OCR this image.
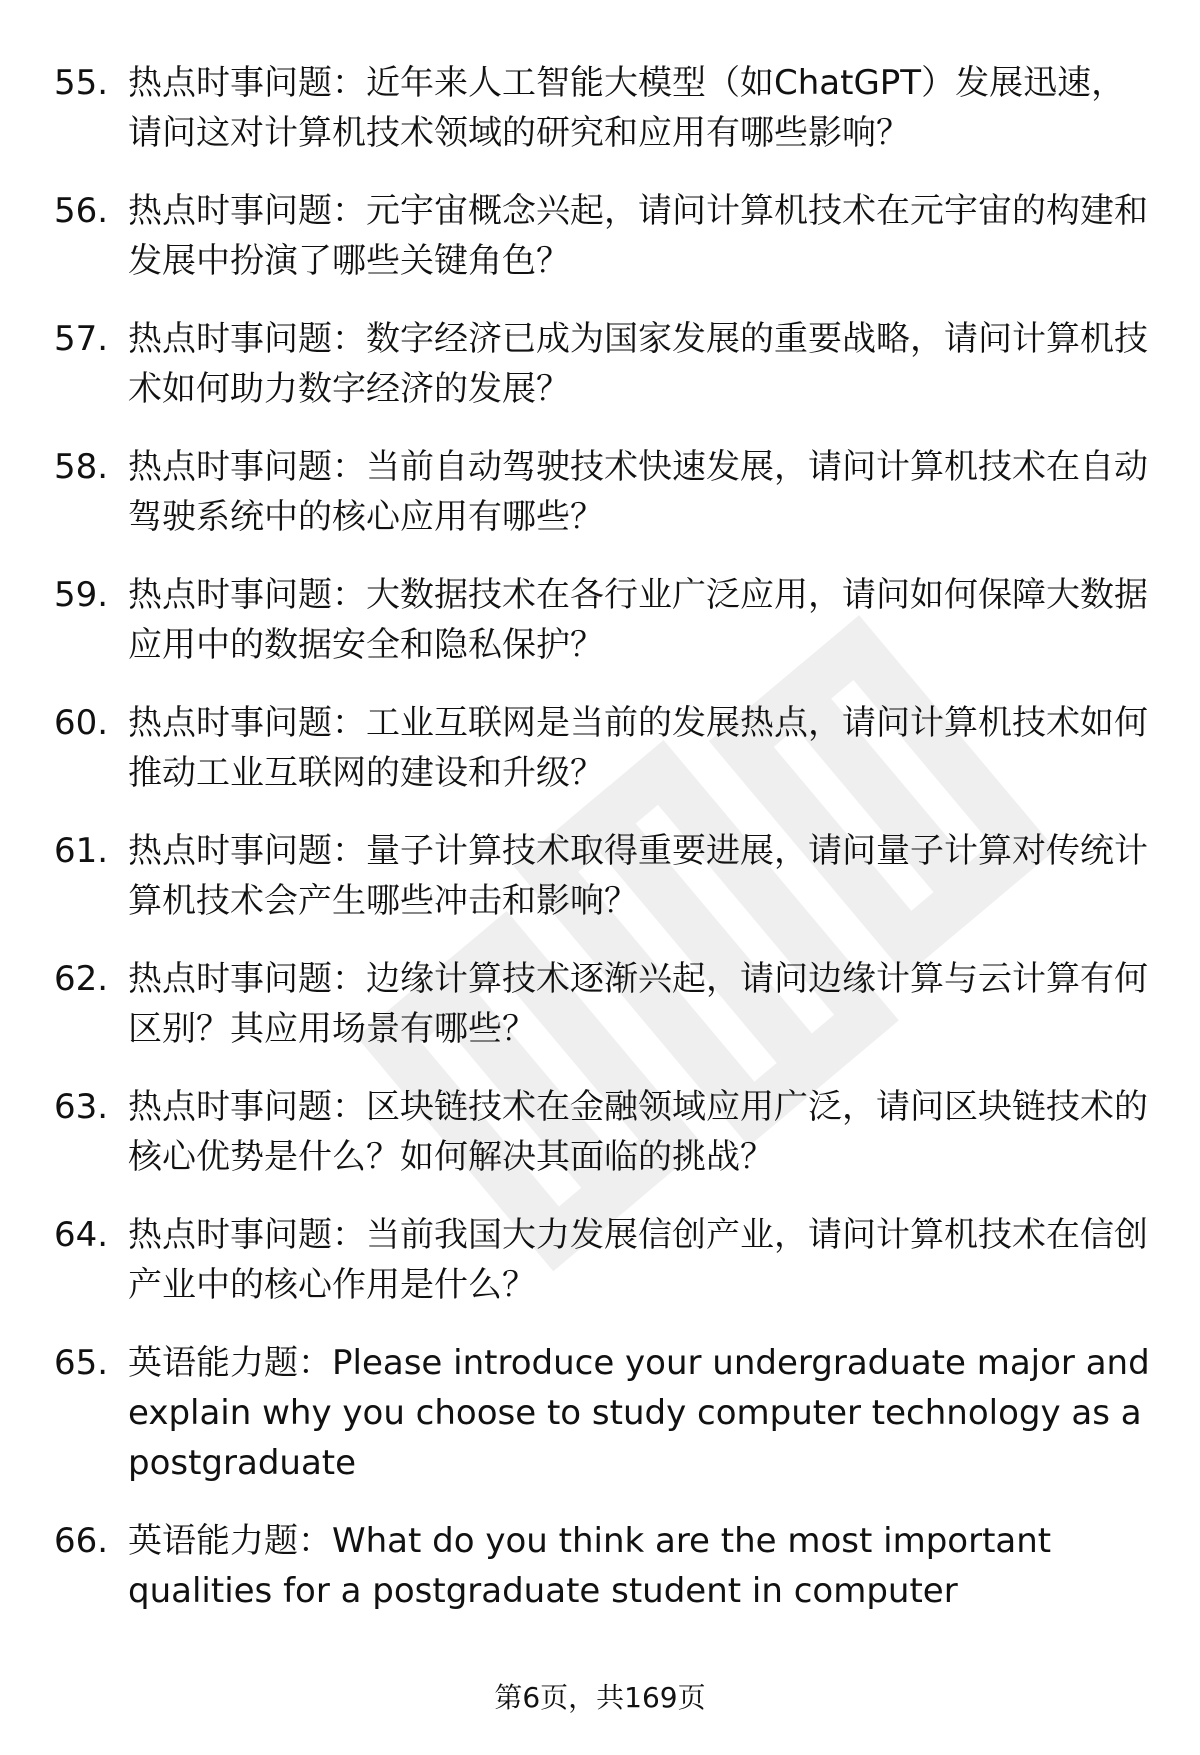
55. 热点时事问题：近年来人工智能大模型（如ChatGPT）发展迅速，请问这对计算机技术领域的研究和应用有哪些影响？
56. 热点时事问题：元宇宙概念兴起，请问计算机技术在元宇宙的构建和发展中扮演了哪些关键角色？
57. 热点时事问题：数字经济已成为国家发展的重要战略，请问计算机技术如何助力数字经济的发展？
58. 热点时事问题：当前自动驾驶技术快速发展，请问计算机技术在自动驾驶系统中的核心应用有哪些？
59. 热点时事问题：大数据技术在各行业广泛应用，请问如何保障大数据应用中的数据安全和隐私保护？
60. 热点时事问题：工业互联网是当前的发展热点，请问计算机技术如何推动工业互联网的建设和升级？
61. 热点时事问题：量子计算技术取得重要进展，请问量子计算对传统计算机技术会产生哪些冲击和影响？
62. 热点时事问题：边缘计算技术逐渐兴起，请问边缘计算与云计算有何区别？其应用场景有哪些？
63. 热点时事问题：区块链技术在金融领域应用广泛，请问区块链技术的核心优势是什么？如何解决其面临的挑战？
64. 热点时事问题：当前我国大力发展信创产业，请问计算机技术在信创产业中的核心作用是什么？
65. 英语能力题：Please introduce your undergraduate major and explain why you choose to study computer technology as a postgraduate
66. 英语能力题：What do you think are the most important qualities for a postgraduate student in computer
第6页，共169页
